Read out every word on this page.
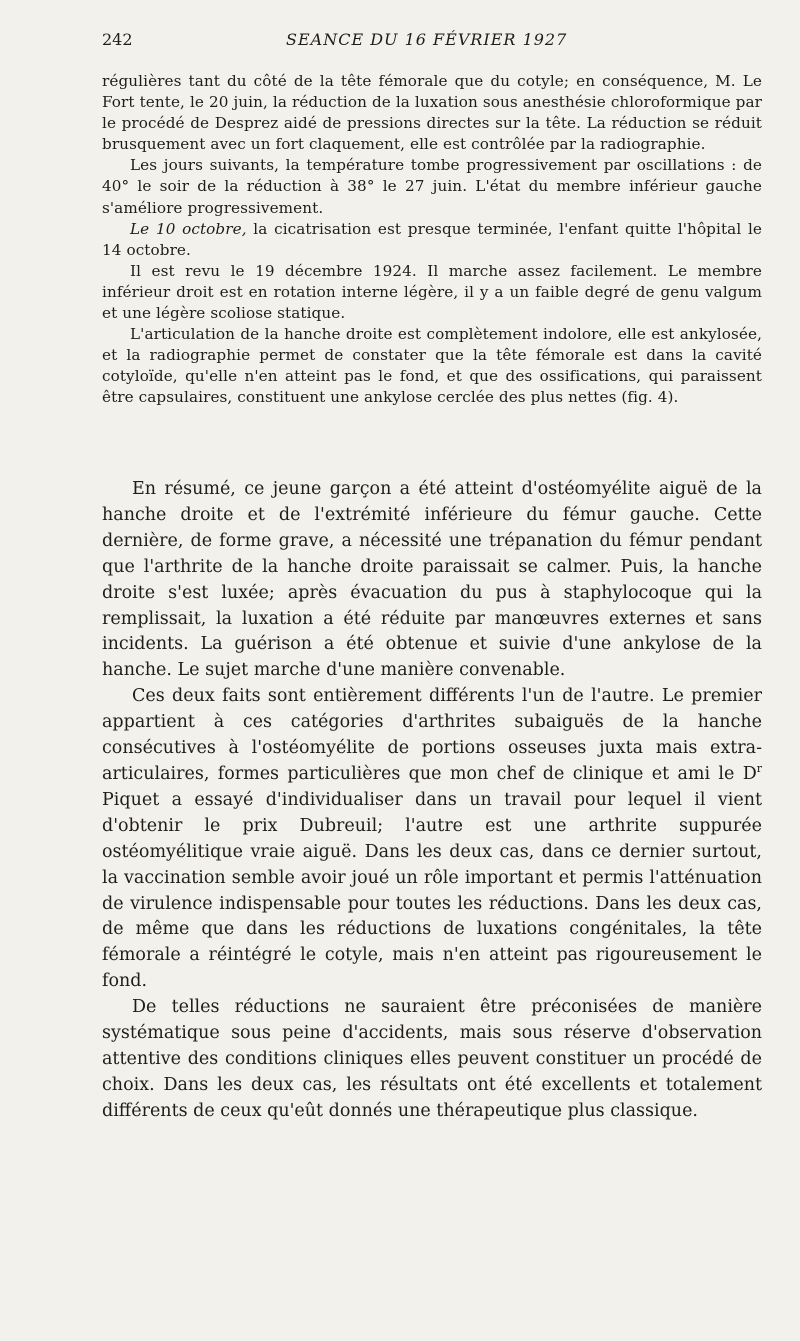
242	SEANCE DU 16 FÉVRIER 1927

régulières tant du côté de la tête fémorale que du cotyle; en conséquence, M. Le Fort tente, le 20 juin, la réduction de la luxation sous anesthésie chloroformique par le procédé de Desprez aidé de pressions directes sur la tête. La réduction se réduit brusquement avec un fort claquement, elle est contrôlée par la radiographie.

Les jours suivants, la température tombe progressivement par oscillations : de 40° le soir de la réduction à 38° le 27 juin. L'état du membre inférieur gauche s'améliore progressivement.

Le 10 octobre, la cicatrisation est presque terminée, l'enfant quitte l'hôpital le 14 octobre.

Il est revu le 19 décembre 1924. Il marche assez facilement. Le membre inférieur droit est en rotation interne légère, il y a un faible degré de genu valgum et une légère scoliose statique.

L'articulation de la hanche droite est complètement indolore, elle est ankylosée, et la radiographie permet de constater que la tête fémorale est dans la cavité cotyloïde, qu'elle n'en atteint pas le fond, et que des ossifications, qui paraissent être capsulaires, constituent une ankylose cerclée des plus nettes (fig. 4).

En résumé, ce jeune garçon a été atteint d'ostéomyélite aiguë de la hanche droite et de l'extrémité inférieure du fémur gauche. Cette dernière, de forme grave, a nécessité une trépanation du fémur pendant que l'arthrite de la hanche droite paraissait se calmer. Puis, la hanche droite s'est luxée; après évacuation du pus à staphylocoque qui la remplissait, la luxation a été réduite par manœuvres externes et sans incidents. La guérison a été obtenue et suivie d'une ankylose de la hanche. Le sujet marche d'une manière convenable.

Ces deux faits sont entièrement différents l'un de l'autre. Le premier appartient à ces catégories d'arthrites subaiguës de la hanche consécutives à l'ostéomyélite de portions osseuses juxta mais extra-articulaires, formes particulières que mon chef de clinique et ami le $D^r$ Piquet a essayé d'individualiser dans un travail pour lequel il vient d'obtenir le prix Dubreuil; l'autre est une arthrite suppurée ostéomyélitique vraie aiguë. Dans les deux cas, dans ce dernier surtout, la vaccination semble avoir joué un rôle important et permis l'atténuation de virulence indispensable pour toutes les réductions. Dans les deux cas, de même que dans les réductions de luxations congénitales, la tête fémorale a réintégré le cotyle, mais n'en atteint pas rigoureusement le fond.

De telles réductions ne sauraient être préconisées de manière systématique sous peine d'accidents, mais sous réserve d'observation attentive des conditions cliniques elles peuvent constituer un procédé de choix. Dans les deux cas, les résultats ont été excellents et totalement différents de ceux qu'eût donnés une thérapeutique plus classique.
